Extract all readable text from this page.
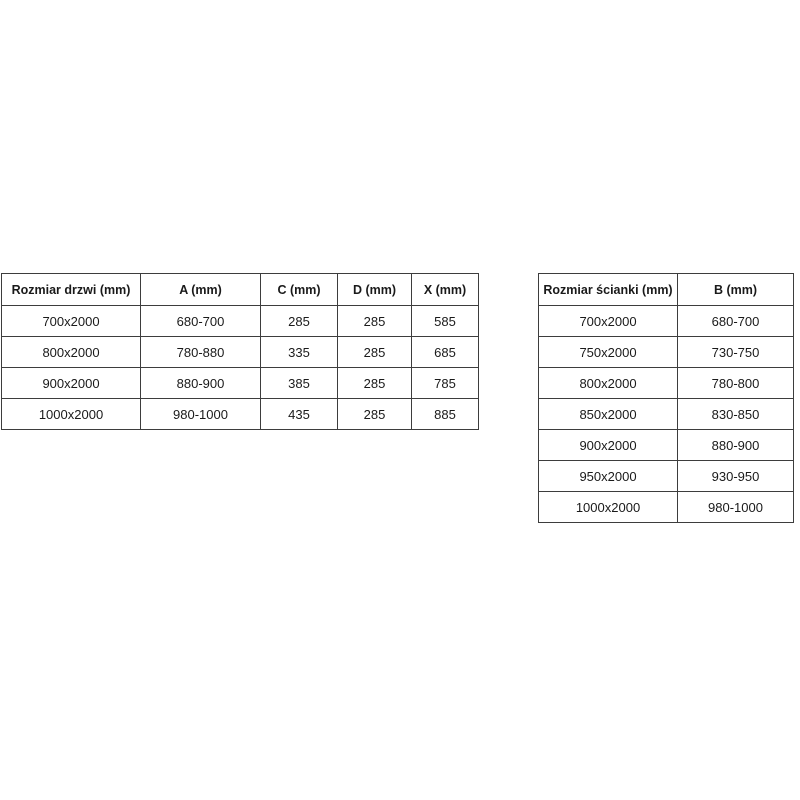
Rozmiar drzwi (mm)	A (mm)	C (mm)	D (mm)	X (mm)
700x2000	680-700	285	285	585
800x2000	780-880	335	285	685
900x2000	880-900	385	285	785
1000x2000	980-1000	435	285	885
Rozmiar ścianki (mm)	B (mm)
700x2000	680-700
750x2000	730-750
800x2000	780-800
850x2000	830-850
900x2000	880-900
950x2000	930-950
1000x2000	980-1000
